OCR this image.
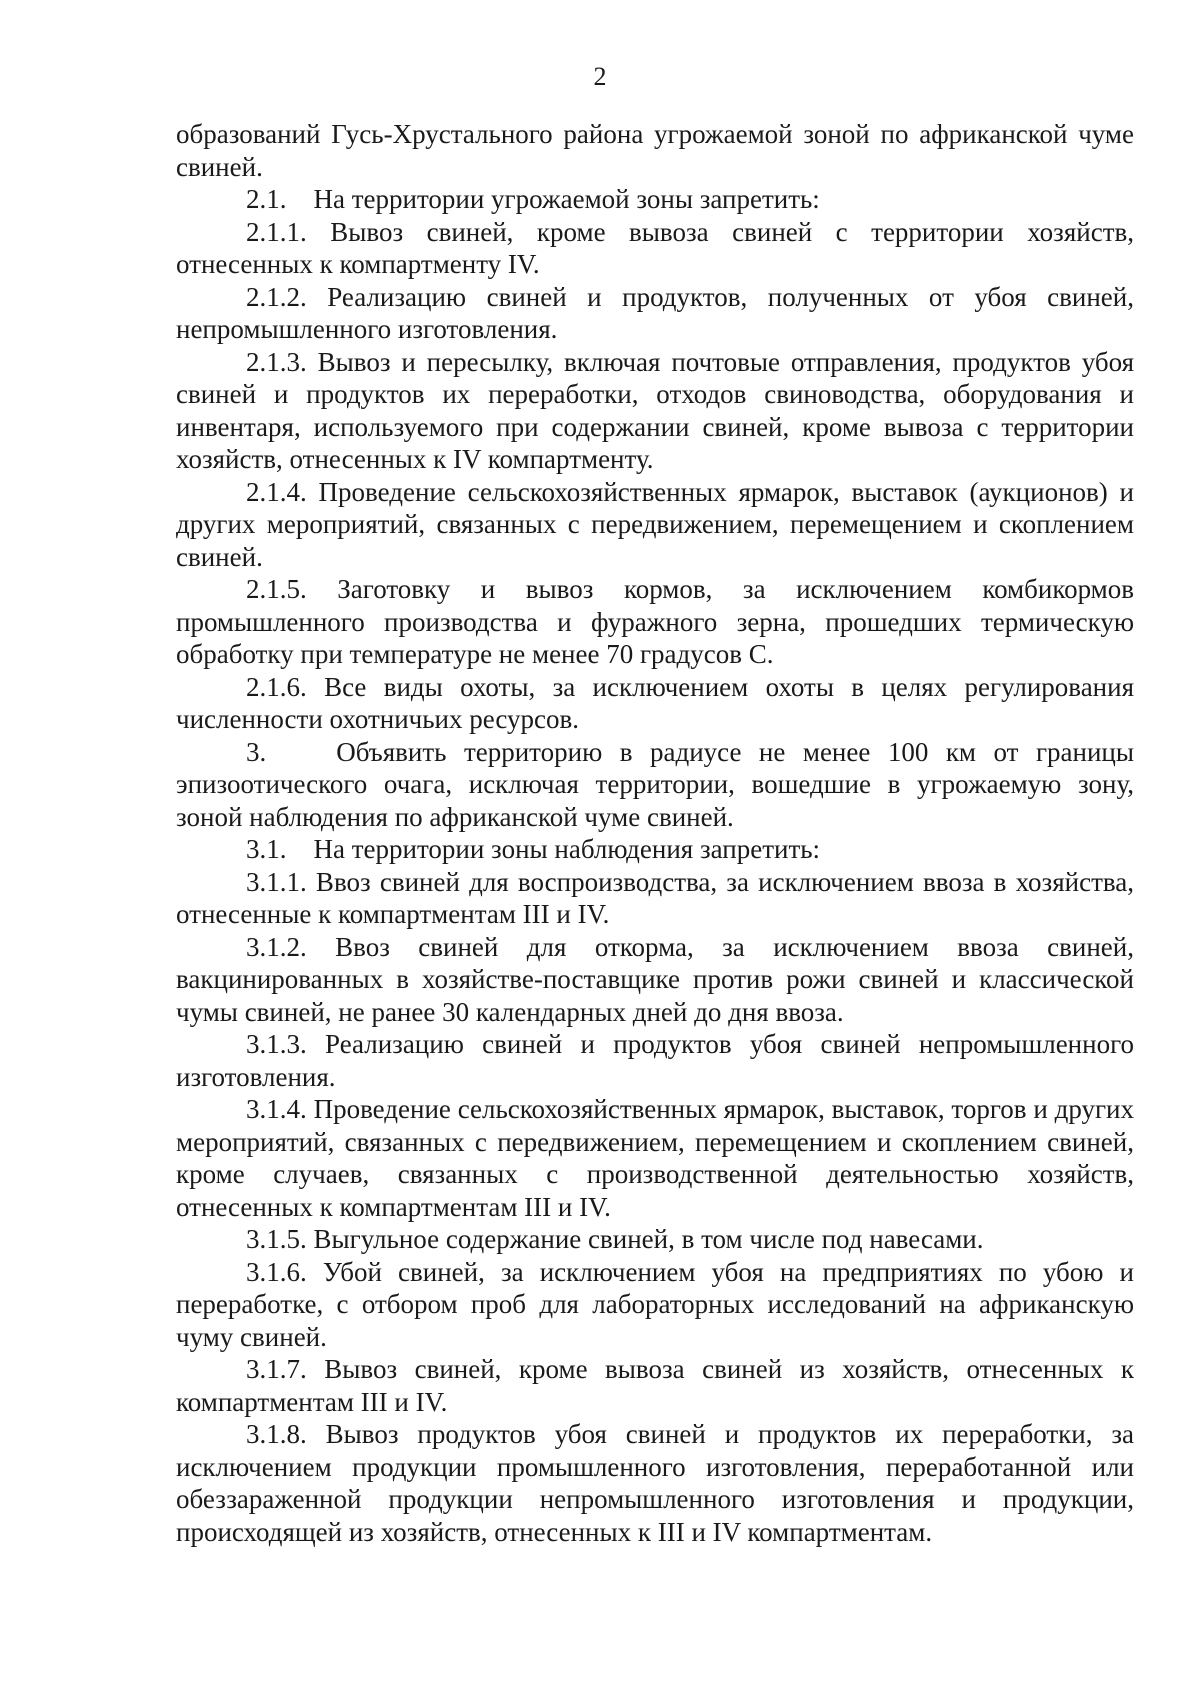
2

образований Гусь-Хрустального района угрожаемой зоной по африканской чуме свиней.

2.1.    На территории угрожаемой зоны запретить:

2.1.1. Вывоз свиней, кроме вывоза свиней с территории хозяйств, отнесенных к компартменту IV.

2.1.2. Реализацию свиней и продуктов, полученных от убоя свиней, непромышленного изготовления.

2.1.3. Вывоз и пересылку, включая почтовые отправления, продуктов убоя свиней и продуктов их переработки, отходов свиноводства, оборудования и инвентаря, используемого при содержании свиней, кроме вывоза с территории хозяйств, отнесенных к IV компартменту.

2.1.4. Проведение сельскохозяйственных ярмарок, выставок (аукционов) и других мероприятий, связанных с передвижением, перемещением и скоплением свиней.

2.1.5. Заготовку и вывоз кормов, за исключением комбикормов промышленного производства и фуражного зерна, прошедших термическую обработку при температуре не менее 70 градусов С.

2.1.6. Все виды охоты, за исключением охоты в целях регулирования численности охотничьих ресурсов.

3.    Объявить территорию в радиусе не менее 100 км от границы эпизоотического очага, исключая территории, вошедшие в угрожаемую зону, зоной наблюдения по африканской чуме свиней.

3.1.    На территории зоны наблюдения запретить:

3.1.1. Ввоз свиней для воспроизводства, за исключением ввоза в хозяйства, отнесенные к компартментам III и IV.

3.1.2. Ввоз свиней для откорма, за исключением ввоза свиней, вакцинированных в хозяйстве-поставщике против рожи свиней и классической чумы свиней, не ранее 30 календарных дней до дня ввоза.

3.1.3. Реализацию свиней и продуктов убоя свиней непромышленного изготовления.

3.1.4. Проведение сельскохозяйственных ярмарок, выставок, торгов и других мероприятий, связанных с передвижением, перемещением и скоплением свиней, кроме случаев, связанных с производственной деятельностью хозяйств, отнесенных к компартментам III и IV.

3.1.5. Выгульное содержание свиней, в том числе под навесами.

3.1.6. Убой свиней, за исключением убоя на предприятиях по убою и переработке, с отбором проб для лабораторных исследований на африканскую чуму свиней.

3.1.7. Вывоз свиней, кроме вывоза свиней из хозяйств, отнесенных к компартментам III и IV.

3.1.8. Вывоз продуктов убоя свиней и продуктов их переработки, за исключением продукции промышленного изготовления, переработанной или обеззараженной продукции непромышленного изготовления и продукции, происходящей из хозяйств, отнесенных к III и IV компартментам.
